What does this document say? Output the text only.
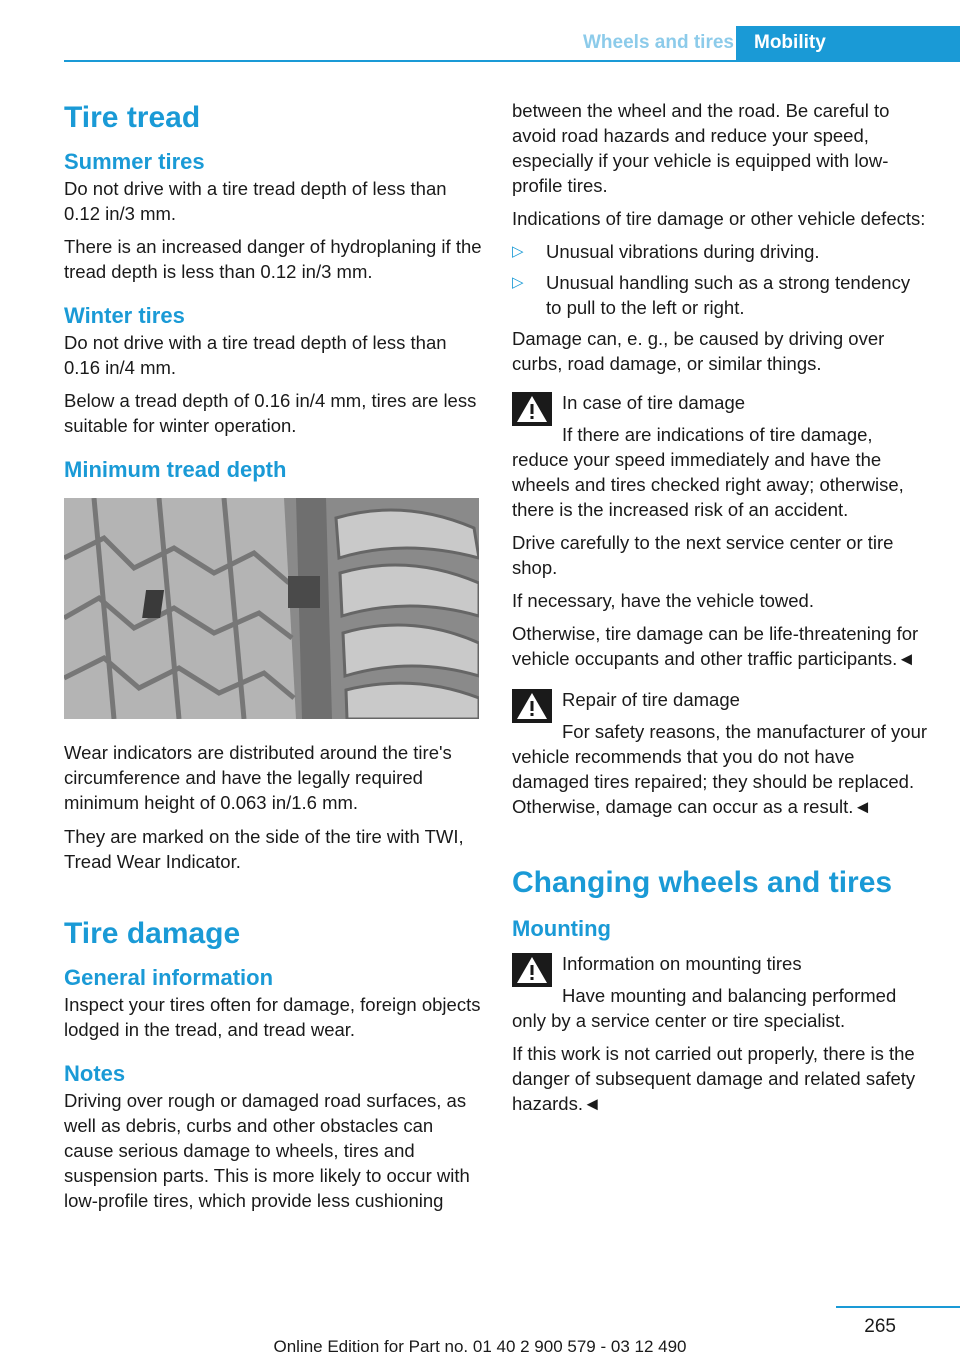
Wheels and tires	Mobility
Tire tread
Summer tires

Do not drive with a tire tread depth of less than 0.12 in/3 mm.

There is an increased danger of hydroplaning if the tread depth is less than 0.12 in/3 mm.

Winter tires

Do not drive with a tire tread depth of less than 0.16 in/4 mm.

Below a tread depth of 0.16 in/4 mm, tires are less suitable for winter operation.

Minimum tread depth

Wear indicators are distributed around the tire's circumference and have the legally required minimum height of 0.063 in/1.6 mm.

They are marked on the side of the tire with TWI, Tread Wear Indicator.

Tire damage
General information

Inspect your tires often for damage, foreign objects lodged in the tread, and tread wear.

Notes

Driving over rough or damaged road surfaces, as well as debris, curbs and other obstacles can cause serious damage to wheels, tires and suspension parts. This is more likely to occur with low-profile tires, which provide less cushioning

between the wheel and the road. Be careful to avoid road hazards and reduce your speed, especially if your vehicle is equipped with low-profile tires.

Indications of tire damage or other vehicle defects:

▷ Unusual vibrations during driving.
▷ Unusual handling such as a strong tendency to pull to the left or right.

Damage can, e. g., be caused by driving over curbs, road damage, or similar things.

In case of tire damage

If there are indications of tire damage, reduce your speed immediately and have the wheels and tires checked right away; otherwise, there is the increased risk of an accident.

Drive carefully to the next service center or tire shop.

If necessary, have the vehicle towed.

Otherwise, tire damage can be life-threatening for vehicle occupants and other traffic participants.◄

Repair of tire damage

For safety reasons, the manufacturer of your vehicle recommends that you do not have damaged tires repaired; they should be replaced. Otherwise, damage can occur as a result.◄

Changing wheels and tires
Mounting

Information on mounting tires

Have mounting and balancing performed only by a service center or tire specialist.

If this work is not carried out properly, there is the danger of subsequent damage and related safety hazards.◄

265
Online Edition for Part no. 01 40 2 900 579 - 03 12 490
